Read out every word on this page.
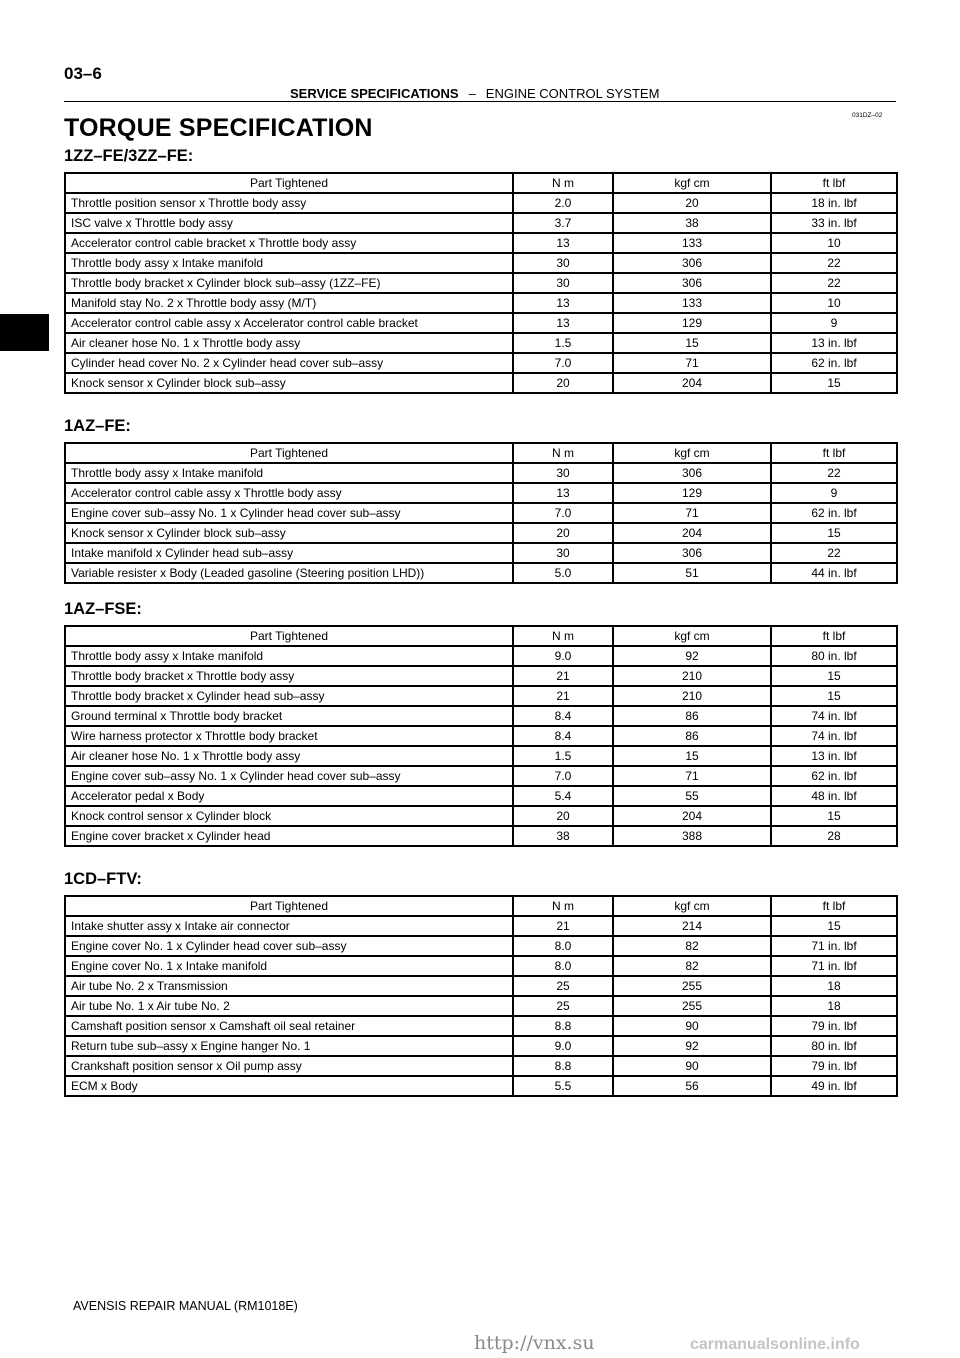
03–6
SERVICE SPECIFICATIONS – ENGINE CONTROL SYSTEM
031DZ–02
TORQUE SPECIFICATION
1ZZ–FE/3ZZ–FE:
Part Tightened	N m	kgf cm	ft lbf
Throttle position sensor x Throttle body assy	2.0	20	18 in. lbf
ISC valve x Throttle body assy	3.7	38	33 in. lbf
Accelerator control cable bracket x Throttle body assy	13	133	10
Throttle body assy x Intake manifold	30	306	22
Throttle body bracket x Cylinder block sub–assy (1ZZ–FE)	30	306	22
Manifold stay No. 2 x Throttle body assy (M/T)	13	133	10
Accelerator control cable assy x Accelerator control cable bracket	13	129	9
Air cleaner hose No. 1 x Throttle body assy	1.5	15	13 in. lbf
Cylinder head cover No. 2 x Cylinder head cover sub–assy	7.0	71	62 in. lbf
Knock sensor x Cylinder block sub–assy	20	204	15
1AZ–FE:
Part Tightened	N m	kgf cm	ft lbf
Throttle body assy x Intake manifold	30	306	22
Accelerator control cable assy x Throttle body assy	13	129	9
Engine cover sub–assy No. 1 x Cylinder head cover sub–assy	7.0	71	62 in. lbf
Knock sensor x Cylinder block sub–assy	20	204	15
Intake manifold x Cylinder head sub–assy	30	306	22
Variable resister x Body (Leaded gasoline (Steering position LHD))	5.0	51	44 in. lbf
1AZ–FSE:
Part Tightened	N m	kgf cm	ft lbf
Throttle body assy x Intake manifold	9.0	92	80 in. lbf
Throttle body bracket x Throttle body assy	21	210	15
Throttle body bracket x Cylinder head sub–assy	21	210	15
Ground terminal x Throttle body bracket	8.4	86	74 in. lbf
Wire harness protector x Throttle body bracket	8.4	86	74 in. lbf
Air cleaner hose No. 1 x Throttle body assy	1.5	15	13 in. lbf
Engine cover sub–assy No. 1 x Cylinder head cover sub–assy	7.0	71	62 in. lbf
Accelerator pedal x Body	5.4	55	48 in. lbf
Knock control sensor x Cylinder block	20	204	15
Engine cover bracket x Cylinder head	38	388	28
1CD–FTV:
Part Tightened	N m	kgf cm	ft lbf
Intake shutter assy x Intake air connector	21	214	15
Engine cover No. 1 x Cylinder head cover sub–assy	8.0	82	71 in. lbf
Engine cover No. 1 x Intake manifold	8.0	82	71 in. lbf
Air tube No. 2 x Transmission	25	255	18
Air tube No. 1 x Air tube No. 2	25	255	18
Camshaft position sensor x Camshaft oil seal retainer	8.8	90	79 in. lbf
Return tube sub–assy x Engine hanger No. 1	9.0	92	80 in. lbf
Crankshaft position sensor x Oil pump assy	8.8	90	79 in. lbf
ECM x Body	5.5	56	49 in. lbf
AVENSIS REPAIR MANUAL (RM1018E)
http://vnx.su	carmanualsonline.info
